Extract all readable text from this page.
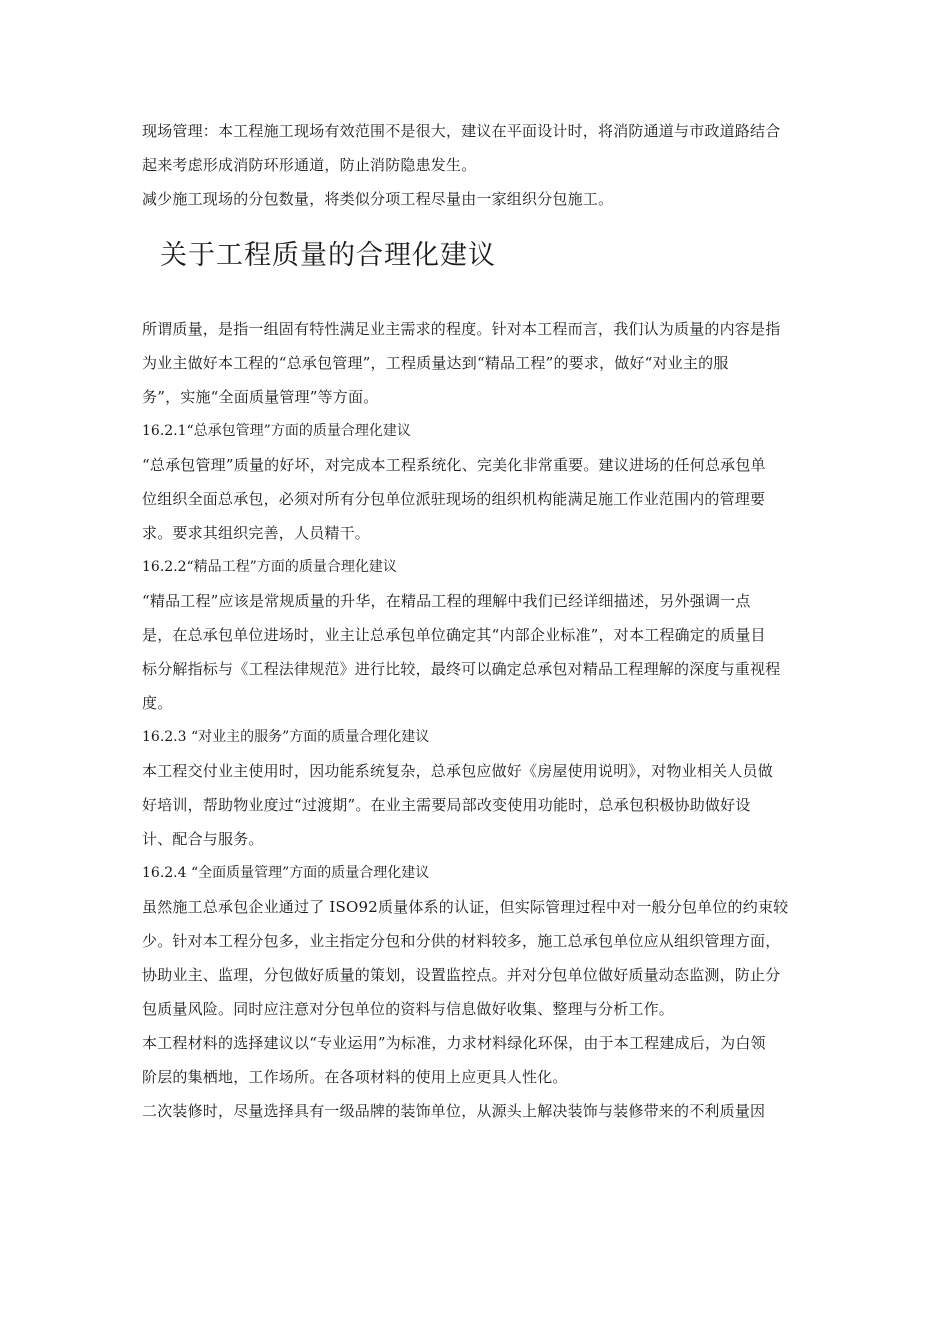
现场管理：本工程施工现场有效范围不是很大，建议在平面设计时，将消防通道与市政道路结合
起来考虑形成消防环形通道，防止消防隐患发生。

减少施工现场的分包数量，将类似分项工程尽量由一家组织分包施工。

关于工程质量的合理化建议

所谓质量，是指一组固有特性满足业主需求的程度。针对本工程而言，我们认为质量的内容是指
为业主做好本工程的“总承包管理”，工程质量达到“精品工程”的要求，做好“对业主的服
务”，实施“全面质量管理”等方面。

16.2.1“总承包管理”方面的质量合理化建议

“总承包管理”质量的好坏，对完成本工程系统化、完美化非常重要。建议进场的任何总承包单
位组织全面总承包，必须对所有分包单位派驻现场的组织机构能满足施工作业范围内的管理要
求。要求其组织完善，人员精干。

16.2.2“精品工程”方面的质量合理化建议

“精品工程”应该是常规质量的升华，在精品工程的理解中我们已经详细描述，另外强调一点
是，在总承包单位进场时，业主让总承包单位确定其“内部企业标准”，对本工程确定的质量目
标分解指标与《工程法律规范》进行比较，最终可以确定总承包对精品工程理解的深度与重视程
度。

16.2.3 “对业主的服务”方面的质量合理化建议

本工程交付业主使用时，因功能系统复杂，总承包应做好《房屋使用说明》，对物业相关人员做
好培训，帮助物业度过“过渡期”。在业主需要局部改变使用功能时，总承包积极协助做好设
计、配合与服务。

16.2.4 “全面质量管理”方面的质量合理化建议

虽然施工总承包企业通过了 ISO92质量体系的认证，但实际管理过程中对一般分包单位的约束较
少。针对本工程分包多，业主指定分包和分供的材料较多，施工总承包单位应从组织管理方面，
协助业主、监理，分包做好质量的策划，设置监控点。并对分包单位做好质量动态监测，防止分
包质量风险。同时应注意对分包单位的资料与信息做好收集、整理与分析工作。

本工程材料的选择建议以“专业运用”为标准，力求材料绿化环保，由于本工程建成后，为白领
阶层的集栖地，工作场所。在各项材料的使用上应更具人性化。

二次装修时，尽量选择具有一级品牌的装饰单位，从源头上解决装饰与装修带来的不利质量因
